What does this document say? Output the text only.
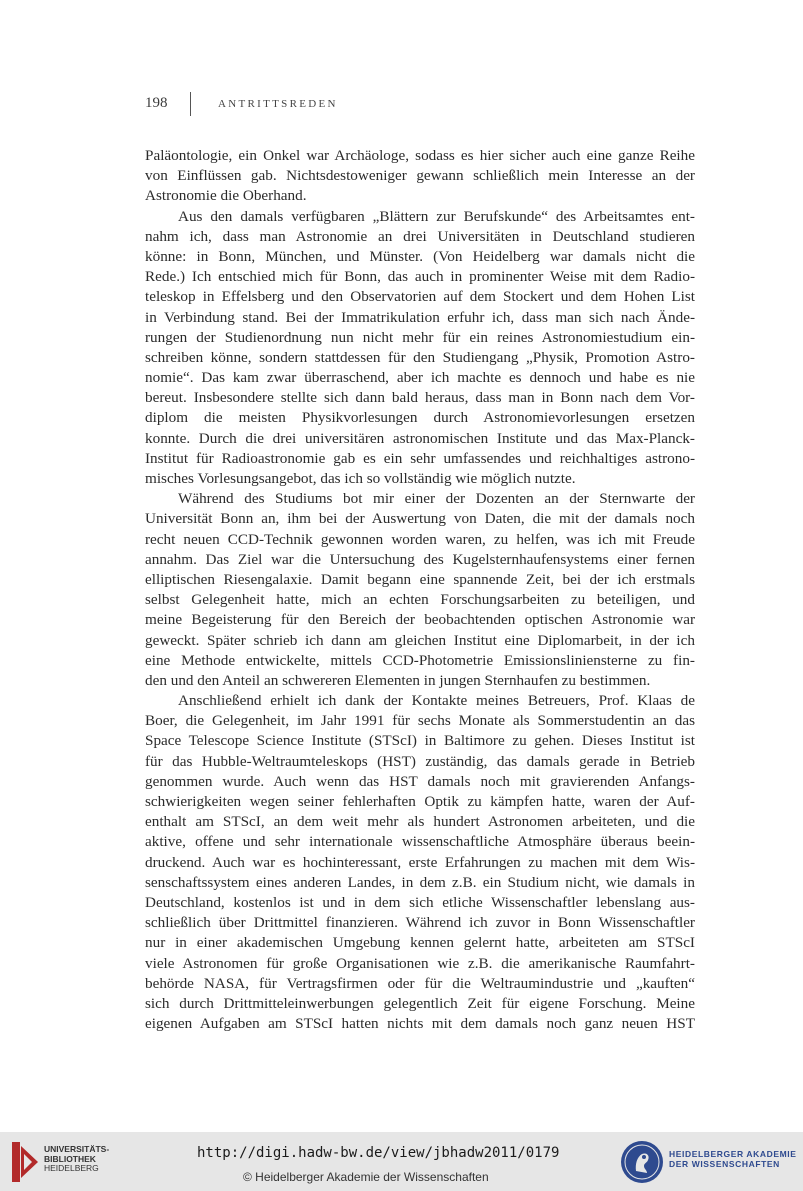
198	ANTRITTSREDEN
Paläontologie, ein Onkel war Archäologe, sodass es hier sicher auch eine ganze Reihe
von Einflüssen gab. Nichtsdestoweniger gewann schließlich mein Interesse an der
Astronomie die Oberhand.
Aus den damals verfügbaren „Blättern zur Berufskunde“ des Arbeitsamtes ent-
nahm ich, dass man Astronomie an drei Universitäten in Deutschland studieren
könne: in Bonn, München, und Münster. (Von Heidelberg war damals nicht die
Rede.) Ich entschied mich für Bonn, das auch in prominenter Weise mit dem Radio-
teleskop in Effelsberg und den Observatorien auf dem Stockert und dem Hohen List
in Verbindung stand. Bei der Immatrikulation erfuhr ich, dass man sich nach Ände-
rungen der Studienordnung nun nicht mehr für ein reines Astronomiestudium ein-
schreiben könne, sondern stattdessen für den Studiengang „Physik, Promotion Astro-
nomie“. Das kam zwar überraschend, aber ich machte es dennoch und habe es nie
bereut. Insbesondere stellte sich dann bald heraus, dass man in Bonn nach dem Vor-
diplom die meisten Physikvorlesungen durch Astronomievorlesungen ersetzen
konnte. Durch die drei universitären astronomischen Institute und das Max-Planck-
Institut für Radioastronomie gab es ein sehr umfassendes und reichhaltiges astrono-
misches Vorlesungsangebot, das ich so vollständig wie möglich nutzte.
Während des Studiums bot mir einer der Dozenten an der Sternwarte der
Universität Bonn an, ihm bei der Auswertung von Daten, die mit der damals noch
recht neuen CCD-Technik gewonnen worden waren, zu helfen, was ich mit Freude
annahm. Das Ziel war die Untersuchung des Kugelsternhaufensystems einer fernen
elliptischen Riesengalaxie. Damit begann eine spannende Zeit, bei der ich erstmals
selbst Gelegenheit hatte, mich an echten Forschungsarbeiten zu beteiligen, und
meine Begeisterung für den Bereich der beobachtenden optischen Astronomie war
geweckt. Später schrieb ich dann am gleichen Institut eine Diplomarbeit, in der ich
eine Methode entwickelte, mittels CCD-Photometrie Emissionsliniensterne zu fin-
den und den Anteil an schwereren Elementen in jungen Sternhaufen zu bestimmen.
Anschließend erhielt ich dank der Kontakte meines Betreuers, Prof. Klaas de
Boer, die Gelegenheit, im Jahr 1991 für sechs Monate als Sommerstudentin an das
Space Telescope Science Institute (STScI) in Baltimore zu gehen. Dieses Institut ist
für das Hubble-Weltraumteleskops (HST) zuständig, das damals gerade in Betrieb
genommen wurde. Auch wenn das HST damals noch mit gravierenden Anfangs-
schwierigkeiten wegen seiner fehlerhaften Optik zu kämpfen hatte, waren der Auf-
enthalt am STScI, an dem weit mehr als hundert Astronomen arbeiteten, und die
aktive, offene und sehr internationale wissenschaftliche Atmosphäre überaus beein-
druckend. Auch war es hochinteressant, erste Erfahrungen zu machen mit dem Wis-
senschaftssystem eines anderen Landes, in dem z.B. ein Studium nicht, wie damals in
Deutschland, kostenlos ist und in dem sich etliche Wissenschaftler lebenslang aus-
schließlich über Drittmittel finanzieren. Während ich zuvor in Bonn Wissenschaftler
nur in einer akademischen Umgebung kennen gelernt hatte, arbeiteten am STScI
viele Astronomen für große Organisationen wie z.B. die amerikanische Raumfahrt-
behörde NASA, für Vertragsfirmen oder für die Weltraumindustrie und „kauften“
sich durch Drittmitteleinwerbungen gelegentlich Zeit für eigene Forschung. Meine
eigenen Aufgaben am STScI hatten nichts mit dem damals noch ganz neuen HST
UNIVERSITÄTS-
BIBLIOTHEK
HEIDELBERG
http://digi.hadw-bw.de/view/jbhadw2011/0179
© Heidelberger Akademie der Wissenschaften
HEIDELBERGER AKADEMIE
DER WISSENSCHAFTEN
